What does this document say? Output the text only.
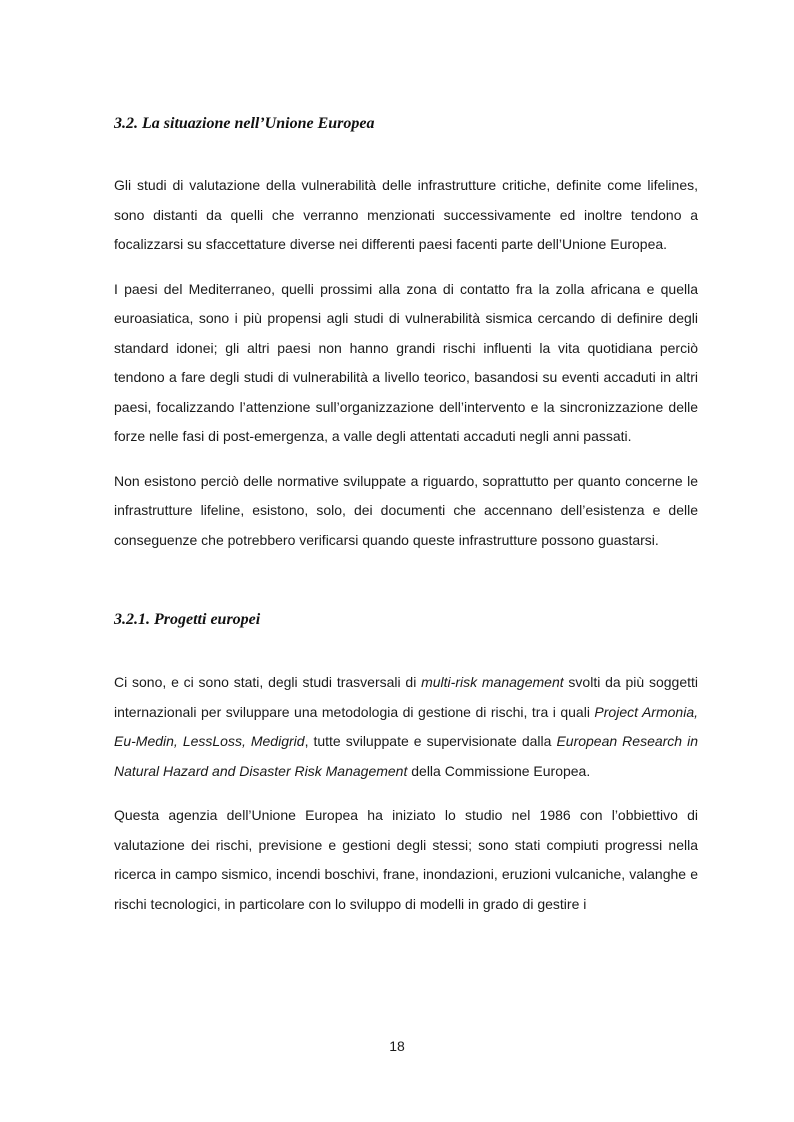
3.2. La situazione nell’Unione Europea

Gli studi di valutazione della vulnerabilità delle infrastrutture critiche, definite come lifelines, sono distanti da quelli che verranno menzionati successivamente ed inoltre tendono a focalizzarsi su sfaccettature diverse nei differenti paesi facenti parte dell’Unione Europea.

I paesi del Mediterraneo, quelli prossimi alla zona di contatto fra la zolla africana e quella euroasiatica, sono i più propensi agli studi di vulnerabilità sismica cercando di definire degli standard idonei; gli altri paesi non hanno grandi rischi influenti la vita quotidiana perciò tendono a fare degli studi di vulnerabilità a livello teorico, basandosi su eventi accaduti in altri paesi, focalizzando l’attenzione sull’organizzazione dell’intervento e la sincronizzazione delle forze nelle fasi di post-emergenza, a valle degli attentati accaduti negli anni passati.

Non esistono perciò delle normative sviluppate a riguardo, soprattutto per quanto concerne le infrastrutture lifeline, esistono, solo, dei documenti che accennano dell’esistenza e delle conseguenze che potrebbero verificarsi quando queste infrastrutture possono guastarsi.

3.2.1. Progetti europei

Ci sono, e ci sono stati, degli studi trasversali di multi-risk management svolti da più soggetti internazionali per sviluppare una metodologia di gestione di rischi, tra i quali Project Armonia, Eu-Medin, LessLoss, Medigrid, tutte sviluppate e supervisionate dalla European Research in Natural Hazard and Disaster Risk Management della Commissione Europea.

Questa agenzia dell’Unione Europea ha iniziato lo studio nel 1986 con l’obbiettivo di valutazione dei rischi, previsione e gestioni degli stessi; sono stati compiuti progressi nella ricerca in campo sismico, incendi boschivi, frane, inondazioni, eruzioni vulcaniche, valanghe e rischi tecnologici, in particolare con lo sviluppo di modelli in grado di gestire i

18
